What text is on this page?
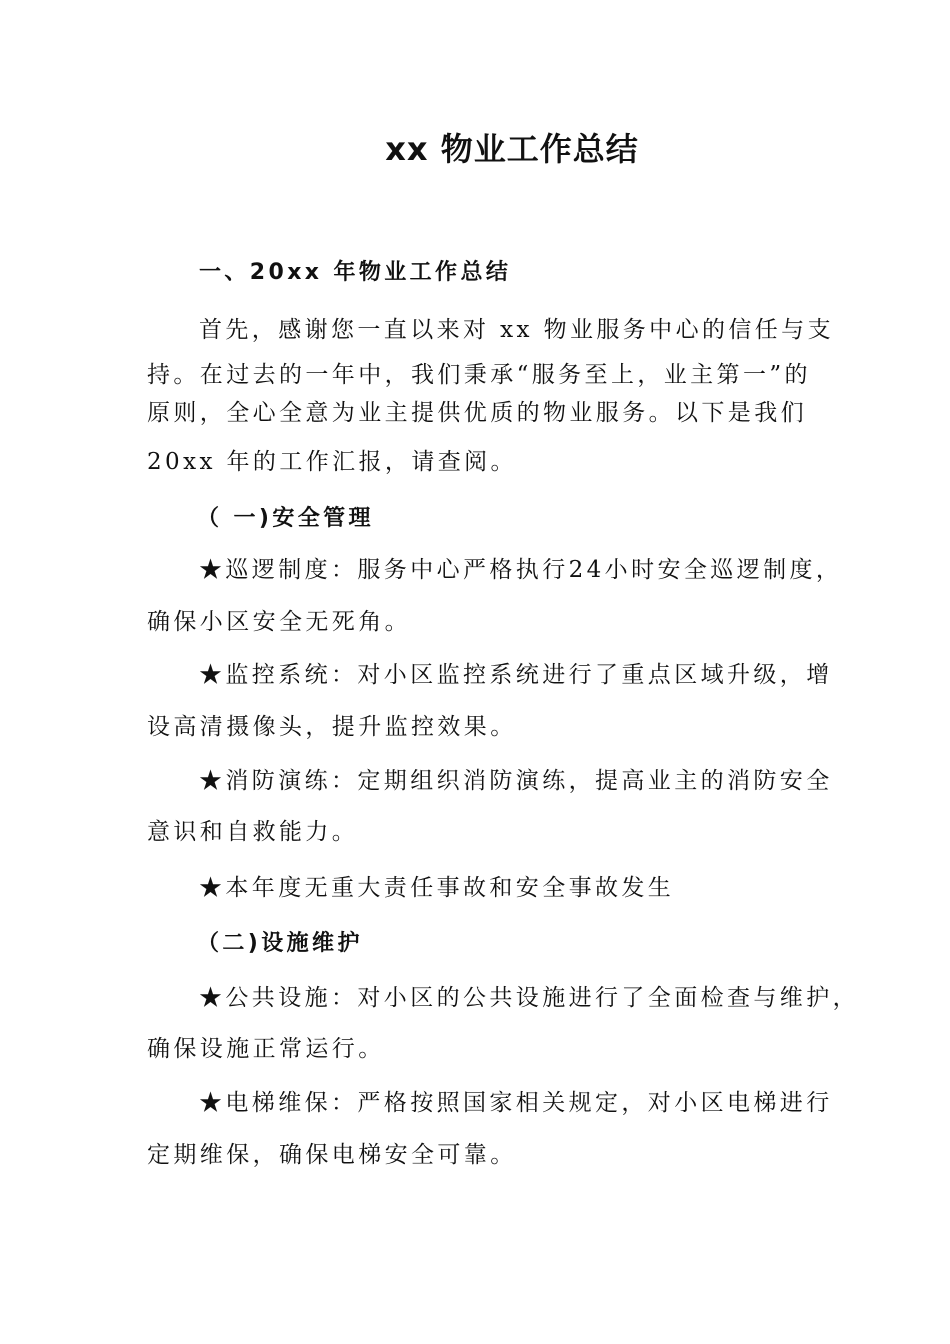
xx 物业工作总结
一、20xx 年物业工作总结
首先，感谢您一直以来对 xx 物业服务中心的信任与支
持。在过去的一年中，我们秉承“服务至上，业主第一”的
原则，全心全意为业主提供优质的物业服务。以下是我们
20xx 年的工作汇报，请查阅。
（ 一)安全管理
★巡逻制度：服务中心严格执行24小时安全巡逻制度，
确保小区安全无死角。
★监控系统：对小区监控系统进行了重点区域升级，增
设高清摄像头，提升监控效果。
★消防演练：定期组织消防演练，提高业主的消防安全
意识和自救能力。
★本年度无重大责任事故和安全事故发生
（二)设施维护
★公共设施：对小区的公共设施进行了全面检查与维护，
确保设施正常运行。
★电梯维保：严格按照国家相关规定，对小区电梯进行
定期维保，确保电梯安全可靠。
